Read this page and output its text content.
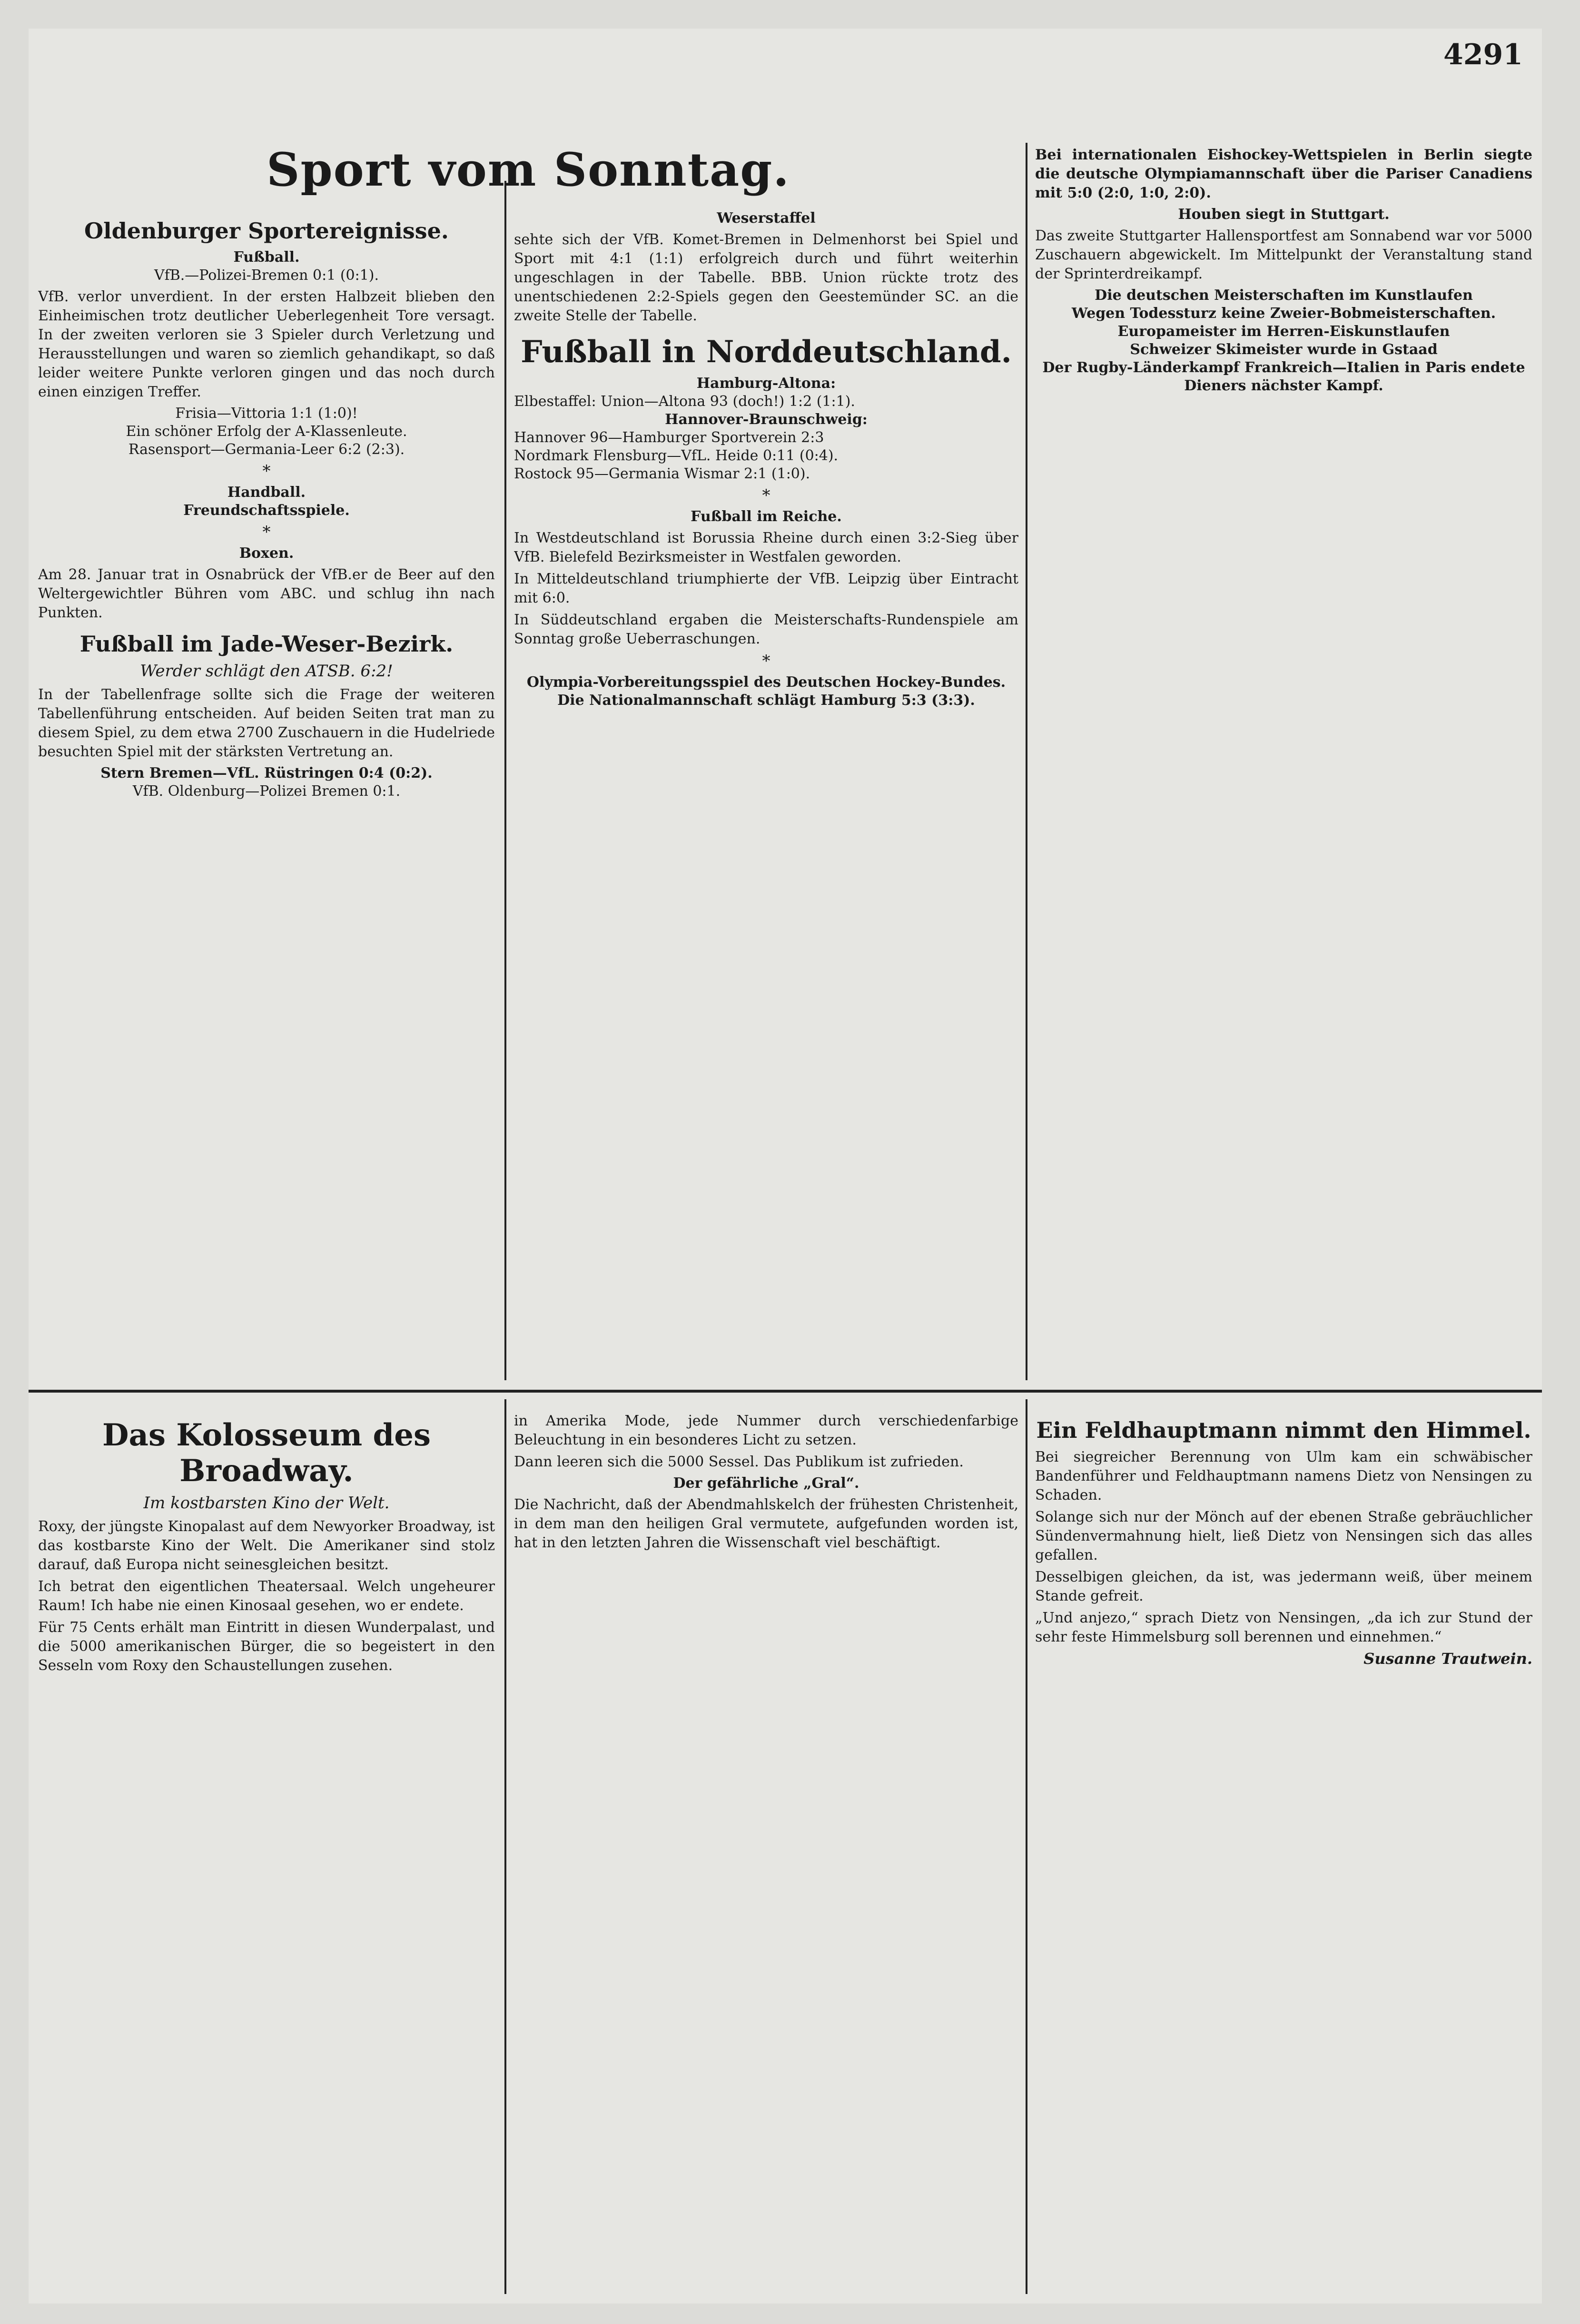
4291
Sport vom Sonntag.
Oldenburger Sportereignisse.
Fußball.
VfB.—Polizei-Bremen 0:1 (0:1).
VfB. verlor unverdient. In der ersten Halbzeit blieben den Einheimischen trotz deutlicher Ueberlegenheit Tore versagt. In der zweiten verloren sie 3 Spieler durch Verletzung und Herausstellungen und waren so ziemlich gehandikapt, so daß leider weitere Punkte verloren gingen und das noch durch einen einzigen Treffer.
Frisia—Vittoria 1:1 (1:0)!
Ein schöner Erfolg der A-Klassenleute.
Rasensport—Germania-Leer 6:2 (2:3).
*
Handball.
Freundschaftsspiele.
*
Boxen.
Am 28. Januar trat in Osnabrück der VfB.er de Beer auf den Weltergewichtler Bühren vom ABC. und schlug ihn nach Punkten.
Fußball im Jade-Weser-Bezirk.
Werder schlägt den ATSB. 6:2!
In der Tabellenfrage sollte sich die Frage der weiteren Tabellenführung entscheiden. Auf beiden Seiten trat man zu diesem Spiel, zu dem etwa 2700 Zuschauern in die Hudelriede besuchten Spiel mit der stärksten Vertretung an.
Stern Bremen—VfL. Rüstringen 0:4 (0:2).
VfB. Oldenburg—Polizei Bremen 0:1.
Weserstaffel
sehte sich der VfB. Komet-Bremen in Delmenhorst bei Spiel und Sport mit 4:1 (1:1) erfolgreich durch und führt weiterhin ungeschlagen in der Tabelle. BBB. Union rückte trotz des unentschiedenen 2:2-Spiels gegen den Geestemünder SC. an die zweite Stelle der Tabelle.
Fußball in Norddeutschland.
Hamburg-Altona:
Elbestaffel: Union—Altona 93 (doch!) 1:2 (1:1).
Hannover-Braunschweig:
Hannover 96—Hamburger Sportverein 2:3
Nordmark Flensburg—VfL. Heide 0:11 (0:4).
Rostock 95—Germania Wismar 2:1 (1:0).
*
Fußball im Reiche.
In Westdeutschland ist Borussia Rheine durch einen 3:2-Sieg über VfB. Bielefeld Bezirksmeister in Westfalen geworden.
In Mitteldeutschland triumphierte der VfB. Leipzig über Eintracht mit 6:0.
In Süddeutschland ergaben die Meisterschafts-Rundenspiele am Sonntag große Ueberraschungen.
*
Olympia-Vorbereitungsspiel des Deutschen Hockey-Bundes.
Die Nationalmannschaft schlägt Hamburg 5:3 (3:3).
Bei internationalen Eishockey-Wettspielen in Berlin siegte die deutsche Olympiamannschaft über die Pariser Canadiens mit 5:0 (2:0, 1:0, 2:0).
Houben siegt in Stuttgart.
Das zweite Stuttgarter Hallensportfest am Sonnabend war vor 5000 Zuschauern abgewickelt. Im Mittelpunkt der Veranstaltung stand der Sprinterdreikampf.
Die deutschen Meisterschaften im Kunstlaufen
Wegen Todessturz keine Zweier-Bobmeisterschaften.
Europameister im Herren-Eiskunstlaufen
Schweizer Skimeister wurde in Gstaad
Der Rugby-Länderkampf Frankreich—Italien in Paris endete
Dieners nächster Kampf.
Das Kolosseum des Broadway.
Im kostbarsten Kino der Welt.
Roxy, der jüngste Kinopalast auf dem Newyorker Broadway, ist das kostbarste Kino der Welt. Die Amerikaner sind stolz darauf, daß Europa nicht seinesgleichen besitzt.
Ich betrat den eigentlichen Theatersaal. Welch ungeheurer Raum! Ich habe nie einen Kinosaal gesehen, wo er endete.
Für 75 Cents erhält man Eintritt in diesen Wunderpalast, und die 5000 amerikanischen Bürger, die so begeistert in den Sesseln vom Roxy den Schaustellungen zusehen.
in Amerika Mode, jede Nummer durch verschiedenfarbige Beleuchtung in ein besonderes Licht zu setzen.
Dann leeren sich die 5000 Sessel. Das Publikum ist zufrieden.
Der gefährliche „Gral“.
Die Nachricht, daß der Abendmahlskelch der frühesten Christenheit, in dem man den heiligen Gral vermutete, aufgefunden worden ist, hat in den letzten Jahren die Wissenschaft viel beschäftigt.
Ein Feldhauptmann nimmt den Himmel.
Bei siegreicher Berennung von Ulm kam ein schwäbischer Bandenführer und Feldhauptmann namens Dietz von Nensingen zu Schaden.
Solange sich nur der Mönch auf der ebenen Straße gebräuchlicher Sündenvermahnung hielt, ließ Dietz von Nensingen sich das alles gefallen.
Desselbigen gleichen, da ist, was jedermann weiß, über meinem Stande gefreit.
„Und anjezo,“ sprach Dietz von Nensingen, „da ich zur Stund der sehr feste Himmelsburg soll berennen und einnehmen.“
Susanne Trautwein.
